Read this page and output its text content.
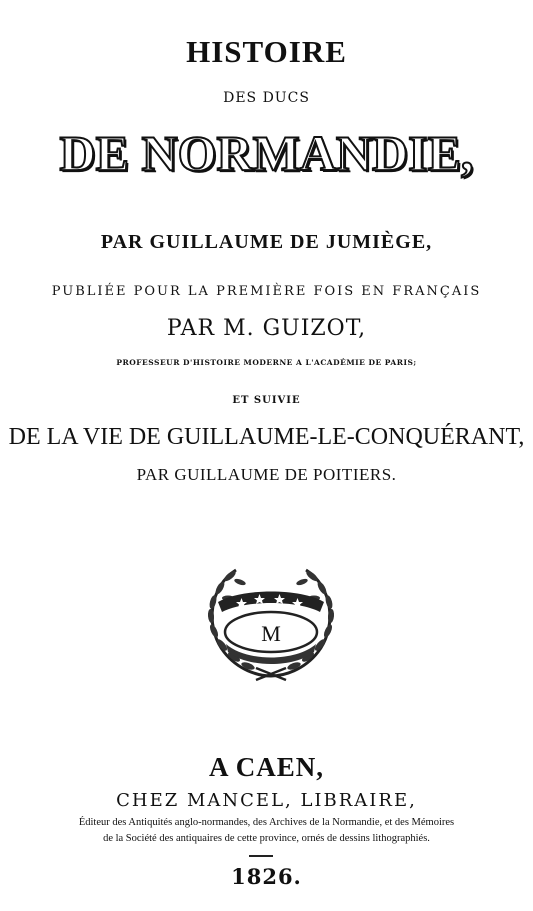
HISTOIRE
DES DUCS
DE NORMANDIE,
PAR GUILLAUME DE JUMIÈGE,
PUBLIÉE POUR LA PREMIÈRE FOIS EN FRANÇAIS
PAR M. GUIZOT,
PROFESSEUR D'HISTOIRE MODERNE A L'ACADÉMIE DE PARIS;
ET SUIVIE
DE LA VIE DE GUILLAUME-LE-CONQUÉRANT,
PAR GUILLAUME DE POITIERS.
M
A CAEN,
CHEZ MANCEL, LIBRAIRE,
Éditeur des Antiquités anglo-normandes, des Archives de la Normandie, et des Mémoires
de la Société des antiquaires de cette province, ornés de dessins lithographiés.
1826.
